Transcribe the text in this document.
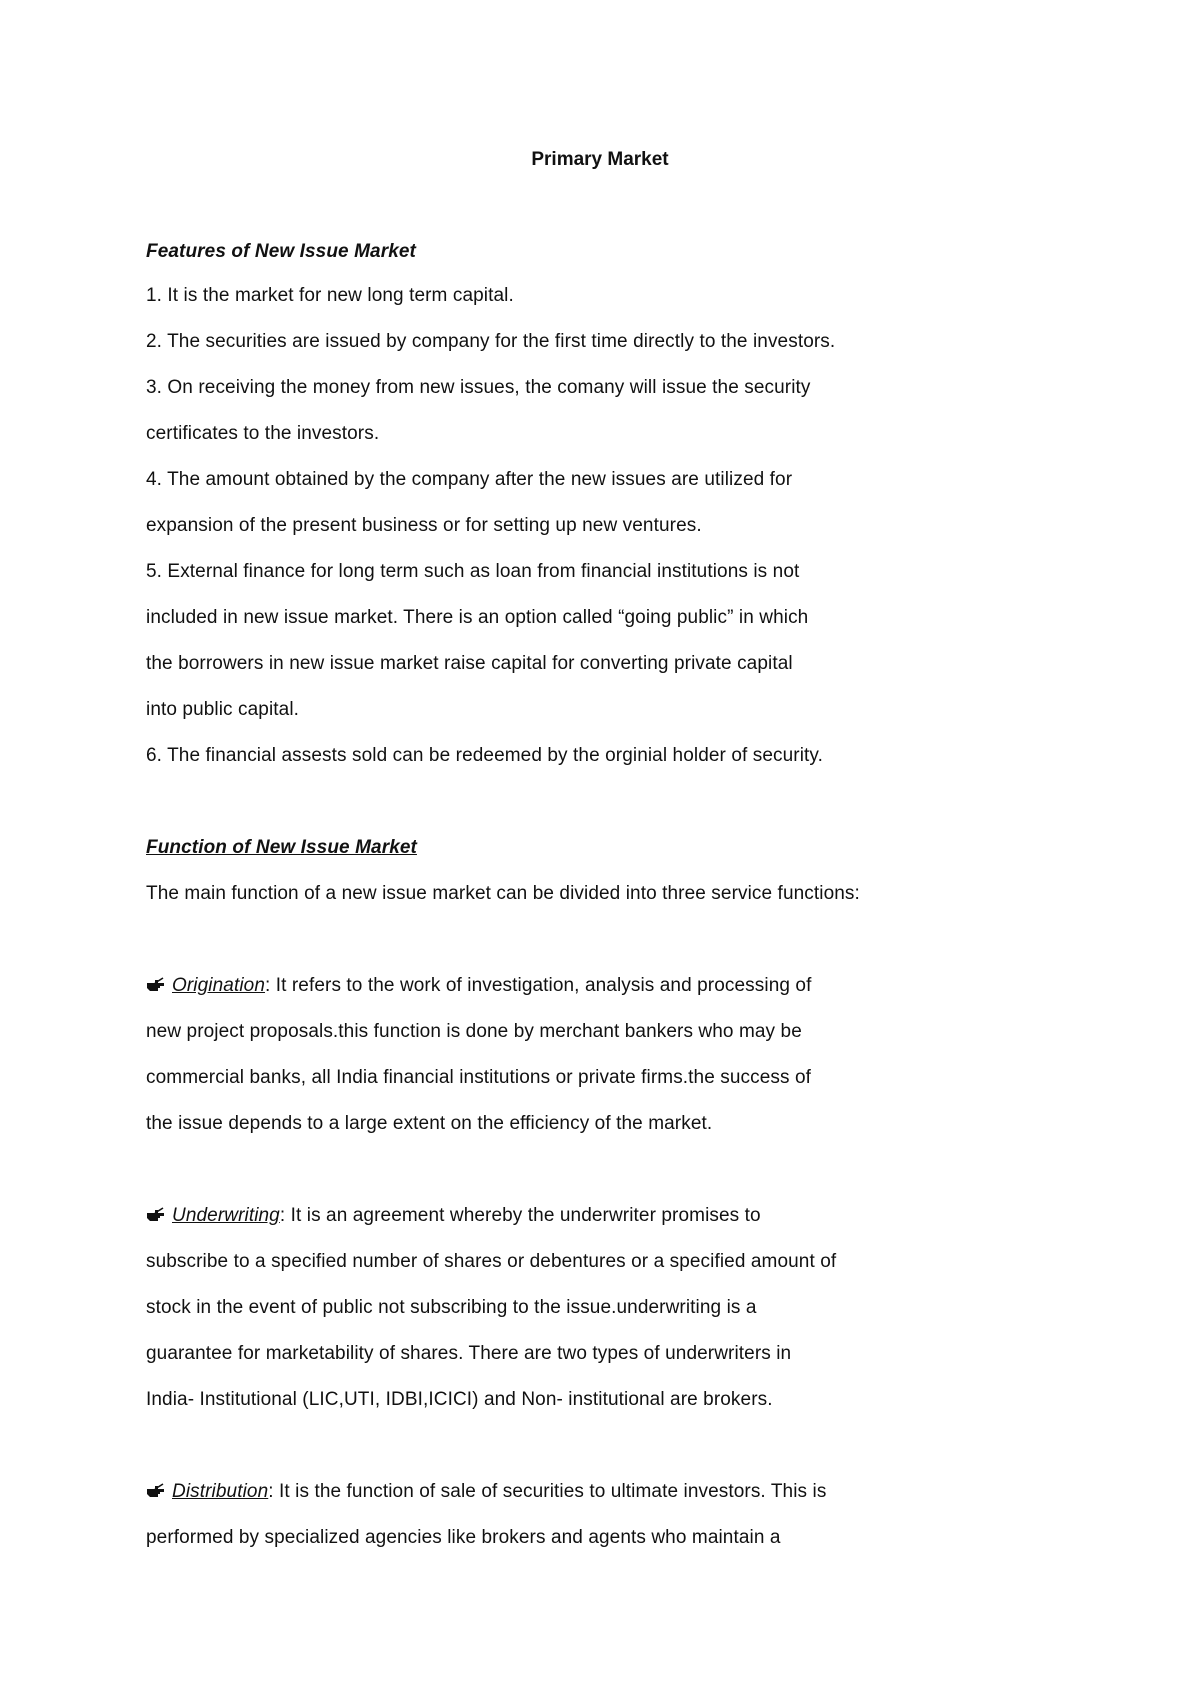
Primary Market
Features of New Issue Market
1. It is the market for new long term capital.
2. The securities are issued by company for the first time directly to the investors.
3. On receiving the money from new issues, the comany will issue the security
certificates to the investors.
4. The amount obtained by the company after the new issues are utilized for
expansion of the present business or for setting up new ventures.
5. External finance for long term such as loan from financial institutions is not
included in new issue market. There is an option called “going public” in which
the borrowers in new issue market raise capital for converting private capital
into public capital.
6. The financial assests sold can be redeemed by the orginial holder of security.
Function of New Issue Market
The main function of a new issue market can be divided into three service functions:
Origination: It refers to the work of investigation, analysis and processing of
new project proposals.this function is done by merchant bankers who may be
commercial banks, all India financial institutions or private firms.the success of
the issue depends to a large extent on the efficiency of the market.
Underwriting: It is an agreement whereby the underwriter promises to
subscribe to a specified number of shares or debentures or a specified amount of
stock in the event of public not subscribing to the issue.underwriting is a
guarantee for marketability of shares. There are two types of underwriters in
India- Institutional (LIC,UTI, IDBI,ICICI) and Non- institutional are brokers.
Distribution: It is the function of sale of securities to ultimate investors. This is
performed by specialized agencies like brokers and agents who maintain a
